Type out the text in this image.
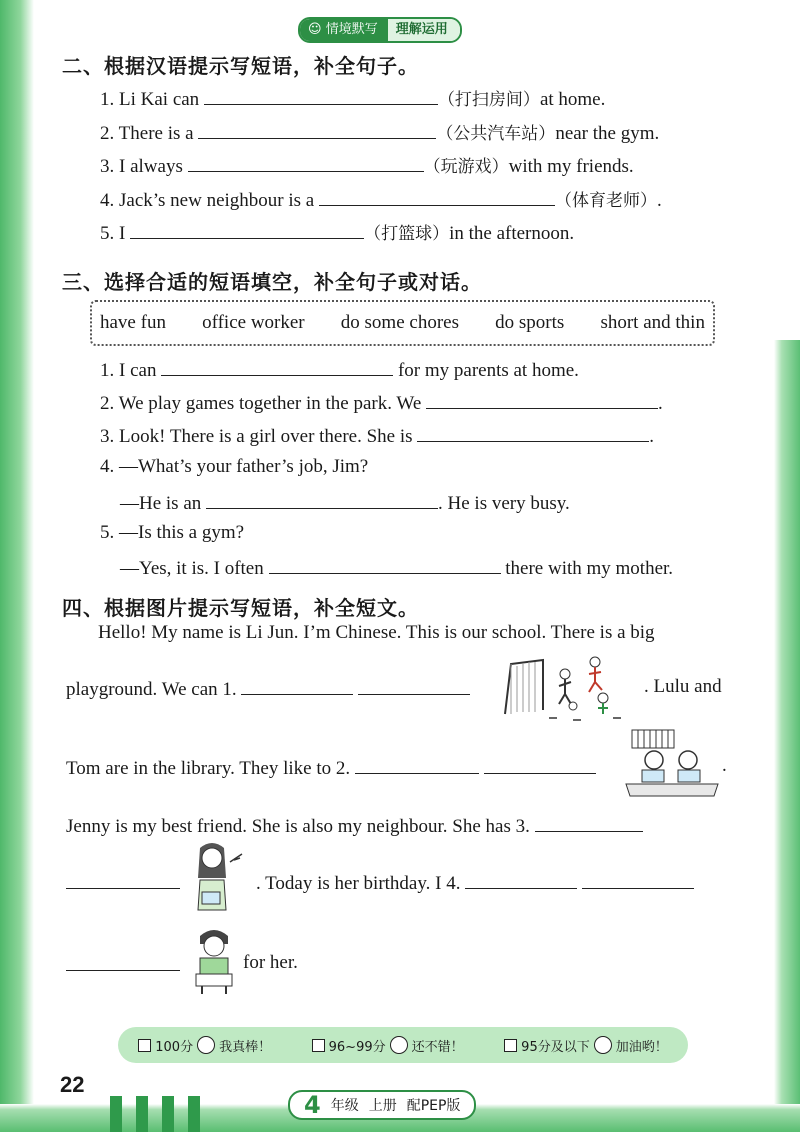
☺ 情境默写	理解运用
二、根据汉语提示写短语，补全句子。
1. Li Kai can	（打扫房间）at home.
2. There is a	（公共汽车站）near the gym.
3. I always	（玩游戏）with my friends.
4. Jack’s new neighbour is a	（体育老师）.
5. I	（打篮球）in the afternoon.
三、选择合适的短语填空，补全句子或对话。
have fun office worker do some chores do sports short and thin
1. I can	for my parents at home.
2. We play games together in the park. We	.
3. Look! There is a girl over there. She is	.
4. —What’s your father’s job, Jim?
—He is an	. He is very busy.
5. —Is this a gym?
—Yes, it is. I often	there with my mother.
四、根据图片提示写短语，补全短文。
Hello! My name is Li Jun. I’m Chinese. This is our school. There is a big
playground. We can 1.	. Lulu and
Tom are in the library. They like to 2.	.
Jenny is my best friend. She is also my neighbour. She has 3.
. Today is her birthday. I 4.
for her.
100分 我真棒！	96~99分 还不错！	95分及以下 加油哟！
22
4 年级 上册 配PEP版
